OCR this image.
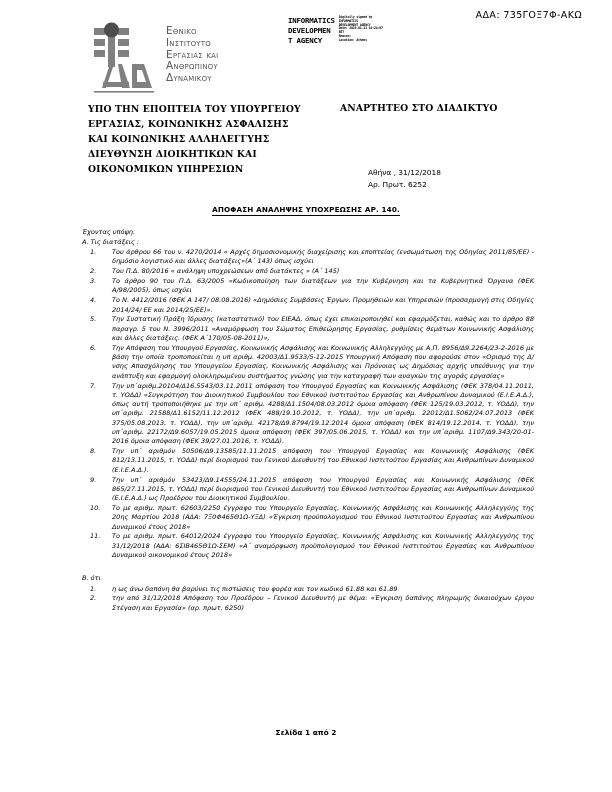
ΑΔΑ: 735ΓΟΞ7Φ-ΑΚΩ
Εθνικο
Ινστιτουτο
Εργασιασ και
Ανθρωπινου
Δυναμικου
INFORMATICS
DEVELOPMEN
T AGENCY
Digitally signed by
INFORMATICS
DEVELOPMENT AGENCY
Date: 2019.01.21 10:24:07
EET
Reason:
Location: Athens
ΥΠΟ ΤΗΝ ΕΠΟΠΤΕΙΑ ΤΟΥ ΥΠΟΥΡΓΕΙΟΥ
ΕΡΓΑΣΙΑΣ, ΚΟΙΝΩΝΙΚΗΣ ΑΣΦΑΛΙΣΗΣ
ΚΑΙ ΚΟΙΝΩΝΙΚΗΣ ΑΛΛΗΛΕΓΓΥΗΣ
ΔΙΕΥΘΥΝΣΗ ΔΙΟΙΚΗΤΙΚΩΝ ΚΑΙ
ΟΙΚΟΝΟΜΙΚΩΝ ΥΠΗΡΕΣΙΩΝ
ΑΝΑΡΤΗΤΕΟ ΣΤΟ ΔΙΑΔΙΚΤΥΟ
Αθήνα , 31/12/2018
Αρ. Πρωτ. 6252
ΑΠΟΦΑΣΗ ΑΝΑΛΗΨΗΣ ΥΠΟΧΡΕΩΣΗΣ ΑΡ. 140.
Έχοντας υπόψη.
Α. Τις διατάξεις :
1.	Του άρθρου 66 του ν. 4270/2014 « Αρχές δημοσιονομικής διαχείρισης και εποπτείας (ενσωμάτωση της Οδηγίας 2011/85/ΕΕ) - δημόσιο λογιστικό και άλλες διατάξεις»(Α΄ 143) όπως ισχύει
2.	Του Π.Δ. 80/2016 « ανάληψη υποχρεώσεων από διατάκτες » (Α΄ 145)
3.	Το άρθρο 90 του Π.Δ. 63/2005 «Κωδικοποίηση των διατάξεων για την Κυβέρνηση και τα Κυβερνητικά Όργανα (ΦΕΚ Α/98/2005), όπως ισχύει
4.	Το Ν. 4412/2016 (ΦΕΚ Α 147/ 08.08.2016) «Δημόσιες Συμβάσεις Έργων, Προμηθειών και Υπηρεσιών (προσαρμογή στις Οδηγίες 2014/24/ ΕΕ και 2014/25/ΕΕ)».
5.	Την Συστατική Πράξη Ίδρυσης (καταστατικό) του ΕΙΕΑΔ, όπως έχει επικαιροποιηθεί και εφαρμόζεται, καθώς και το άρθρο 88 παραγρ. 5 του Ν. 3996/2011 «Αναμόρφωση του Σώματος Επιθεώρησης Εργασίας, ρυθμίσεις θεμάτων Κοινωνικής Ασφάλισης και άλλες διατάξεις. (ΦΕΚ Α΄170/05-08-2011)»,
6.	Την Απόφαση του Υπουργού Εργασίας, Κοινωνικής Ασφάλισης και Κοινωνικής Αλληλεγγύης με Α.Π. 8956/Δ9.2264/23-2-2016 με βάση την οποία τροποποιείται η υπ αριθμ. 42003/Δ1.9533/5-12-2015 Υπουργική Απόφαση που αφορούσε στον «Ορισμό της Δ/νσης Απασχόλησης του Υπουργείου Εργασίας, Κοινωνικής Ασφάλισης και Πρόνοιας ως Δημόσιας αρχής υπεύθυνης για την ανάπτυξη και εφαρμογή ολοκληρωμένου συστήματος γνώσης για την καταγραφή των αναγκών της αγοράς εργασίας»
7.	Την υπ΄αριθμ.20104/Δ16.5543/03.11.2011 απόφαση του Υπουργού Εργασίας και Κοινωνικής Ασφάλισης (ΦΕΚ 378/04.11.2011, τ. ΥΟΔΔ) «Συγκρότηση του Διοικητικού Συμβουλίου του Εθνικού Ινστιτούτου Εργασίας και Ανθρωπίνου Δυναμικού (Ε.Ι.Ε.Α.Δ.), όπως αυτή τροποποιήθηκε με την υπ΄ αριθμ. 4288/Δ1.1504/08.03.2012 όμοια απόφαση (ΦΕΚ 125/19.03.2012, τ. ΥΟΔΔ), την υπ΄αριθμ. 21588/Δ1.6152/11.12.2012 (ΦΕΚ 488/19.10.2012, τ. ΥΟΔΔ), την υπ΄αριθμ. 22012/Δ1.5062/24.07.2013 (ΦΕΚ 375/05.08.2013, τ. ΥΟΔΔ), την υπ΄αριθμ. 42178/Δ9.8794/19.12.2014 όμοια απόφαση (ΦΕΚ 814/19.12.2014, τ. ΥΟΔΔ), την υπ΄αριθμ. 22172/Δ9.6057/19.05.2015 όμοια απόφαση (ΦΕΚ 397/05.06.2015, τ. ΥΟΔΔ) και την υπ΄αριθμ. 1107/Δ9.343/20-01-2016 όμοια απόφαση (ΦΕΚ 39/27.01.2016, τ. ΥΟΔΔ).
8.	Την υπ΄ αριθμόν 50506/Δ9.13585/11.11.2015 απόφαση του Υπουργού Εργασίας και Κοινωνικής Ασφάλισης (ΦΕΚ 812/13.11.2015, τ. ΥΟΔΔ) περί διορισμού του Γενικού Διευθυντή του Εθνικού Ινστιτούτου Εργασίας και Ανθρωπίνων Δυναμικού (Ε.Ι.Ε.Α.Δ.).
9.	Την υπ΄ αριθμόν 53423/Δ9.14555/24.11.2015 απόφαση του Υπουργού Εργασίας και Κοινωνικής Ασφάλισης (ΦΕΚ 865/27.11.2015, τ. ΥΟΔΔ) περί διορισμού του Γενικού Διευθυντή του Εθνικού Ινστιτούτου Εργασίας και Ανθρωπίνων Δυναμικού (Ε.Ι.Ε.Α.Δ.) ως Προέδρου του Διοικητικού Συμβουλίου.
10.	Το με αριθμ. πρωτ. 62603/2250 έγγραφο του Υπουργείο Εργασίας, Κοινωνικής Ασφάλισης και Κοινωνικής Αλληλεγγύης της 20ης Μαρτίου 2018 (ΑΔΑ: 7Ξ0Φ465Θ1Ω-ΥΞΔ) «Έγκριση προϋπολογισμού του Εθνικού Ινστιτούτου Εργασίας και Ανθρωπίνου Δυναμικού έτους 2018»
11.	Το με αριθμ. πρωτ. 64012/2024 έγγραφο του Υπουργείο Εργασίας, Κοινωνικής Ασφάλισης και Κοινωνικής Αλληλεγγύης της 31/12/2018 (ΑΔΑ: 6ΣΙΒ465Θ1Ω-ΣΕΜ) «Α΄ αναμόρφωση προϋπολογισμού του Εθνικού Ινστιτούτου Εργασίας και Ανθρωπίνου Δυναμικού οικονομικού έτους 2018»
Β. ότι
1.	η ως άνω δαπάνη θα βαρύνει τις πιστώσεις του φορέα και τον κωδικό 61.88 και 61.89
2.	την από 31/12/2018 Απόφαση του Προέδρου – Γενικού Διευθυντή με θέμα: «Έγκριση δαπάνης πληρωμής δικαιούχων έργου Στέγαση και Εργασία» (αρ. πρωτ. 6250)
Σελίδα 1 από 2
